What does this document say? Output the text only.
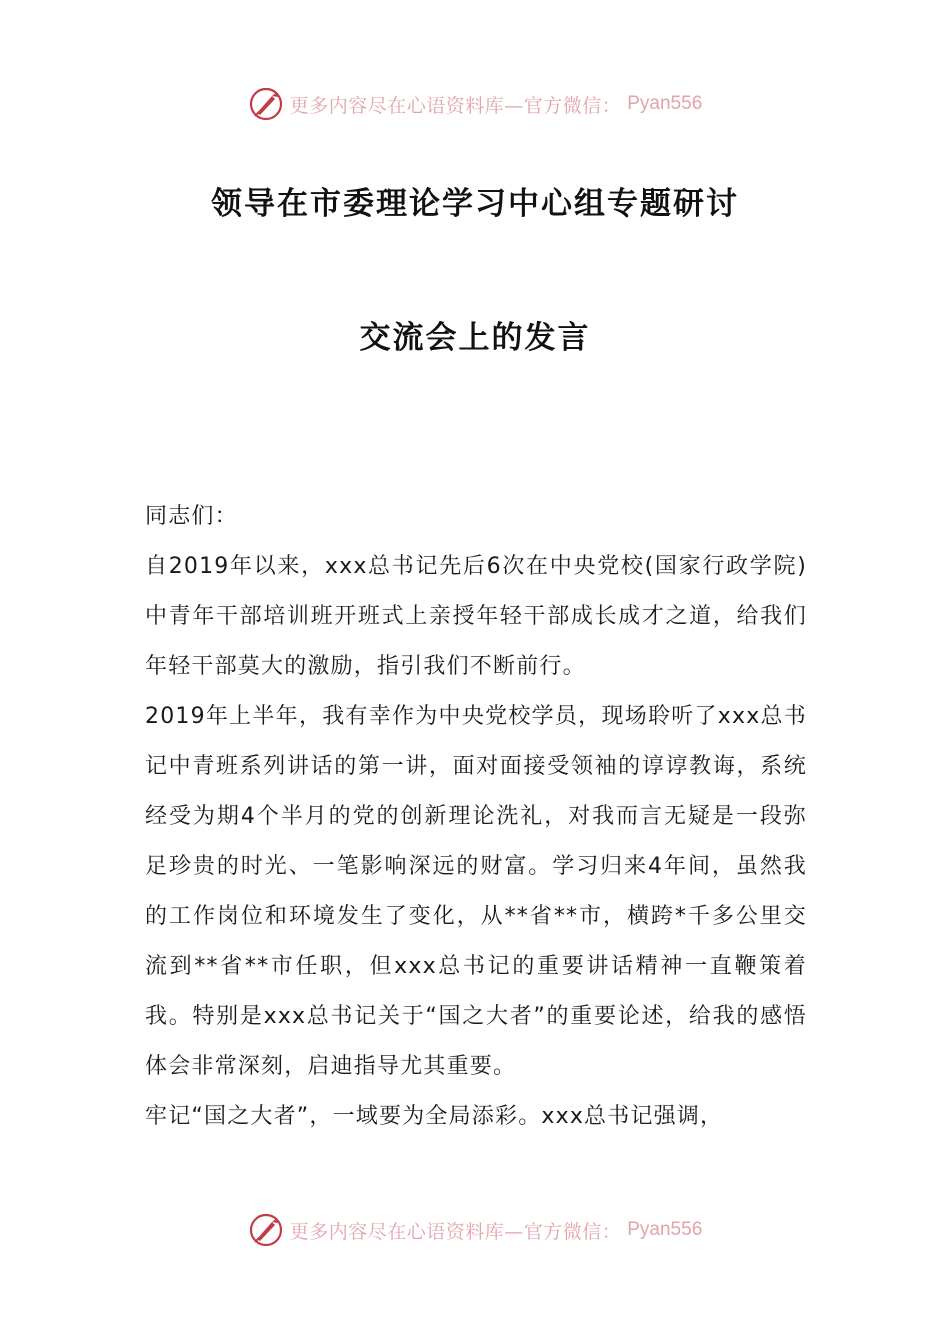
更多内容尽在心语资料库—官方微信： Pyan556
领导在市委理论学习中心组专题研讨
交流会上的发言

同志们：

自2019年以来，xxx总书记先后6次在中央党校(国家行政学院)中青年干部培训班开班式上亲授年轻干部成长成才之道，给我们年轻干部莫大的激励，指引我们不断前行。

2019年上半年，我有幸作为中央党校学员，现场聆听了xxx总书记中青班系列讲话的第一讲，面对面接受领袖的谆谆教诲，系统经受为期4个半月的党的创新理论洗礼，对我而言无疑是一段弥足珍贵的时光、一笔影响深远的财富。学习归来4年间，虽然我的工作岗位和环境发生了变化，从**省**市，横跨*千多公里交流到**省**市任职，但xxx总书记的重要讲话精神一直鞭策着我。特别是xxx总书记关于“国之大者”的重要论述，给我的感悟体会非常深刻，启迪指导尤其重要。

牢记“国之大者”，一域要为全局添彩。xxx总书记强调，

更多内容尽在心语资料库—官方微信： Pyan556
